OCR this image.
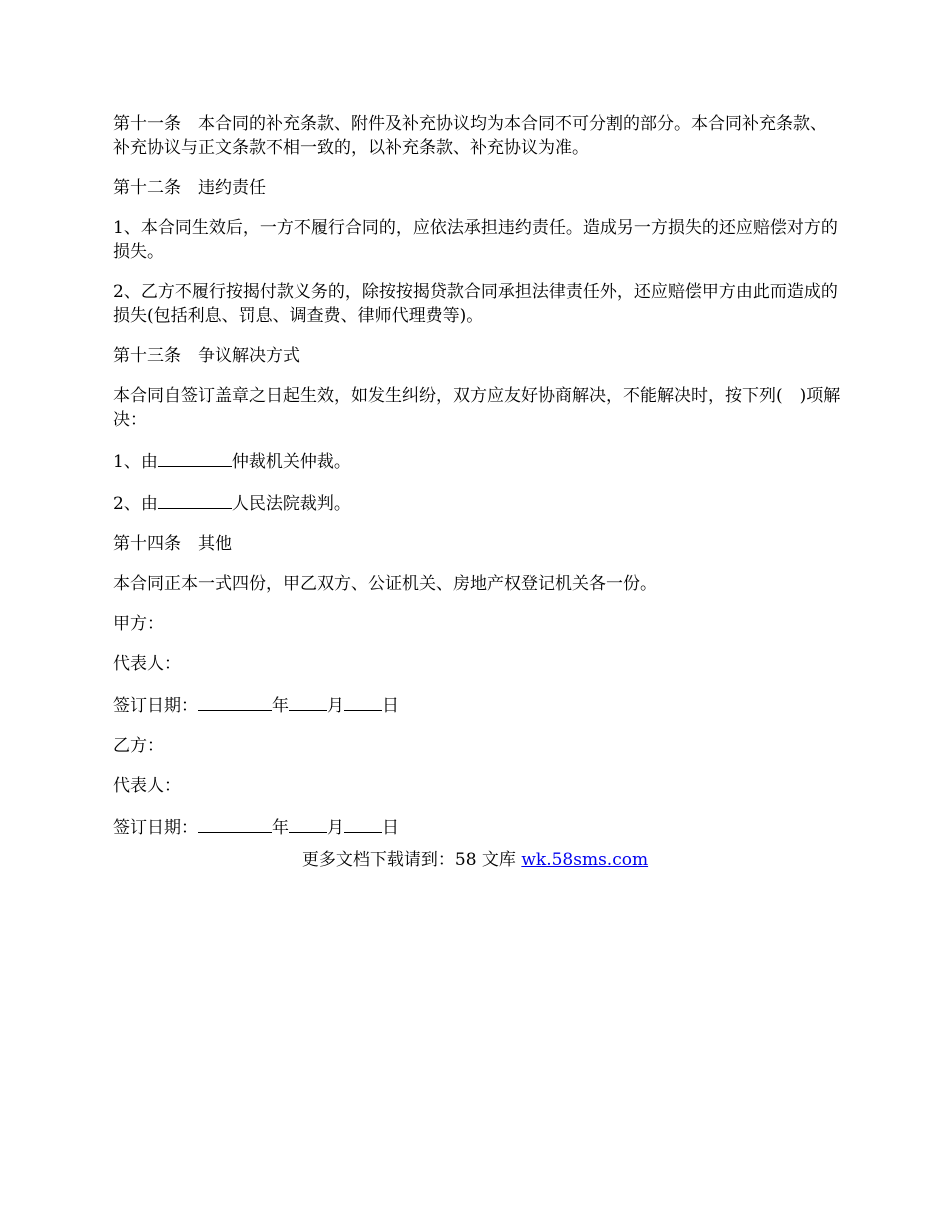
第十一条　本合同的补充条款、附件及补充协议均为本合同不可分割的部分。本合同补充条款、补充协议与正文条款不相一致的，以补充条款、补充协议为准。

第十二条　违约责任

1、本合同生效后，一方不履行合同的，应依法承担违约责任。造成另一方损失的还应赔偿对方的损失。

2、乙方不履行按揭付款义务的，除按按揭贷款合同承担法律责任外，还应赔偿甲方由此而造成的损失(包括利息、罚息、调查费、律师代理费等)。

第十三条　争议解决方式

本合同自签订盖章之日起生效，如发生纠纷，双方应友好协商解决，不能解决时，按下列(　)项解决：

1、由	仲裁机关仲裁。

2、由	人民法院裁判。

第十四条　其他

本合同正本一式四份，甲乙双方、公证机关、房地产权登记机关各一份。

甲方：

代表人：

签订日期：	年 月 日

乙方：

代表人：

签订日期：	年 月 日

更多文档下载请到：58 文库 wk.58sms.com
